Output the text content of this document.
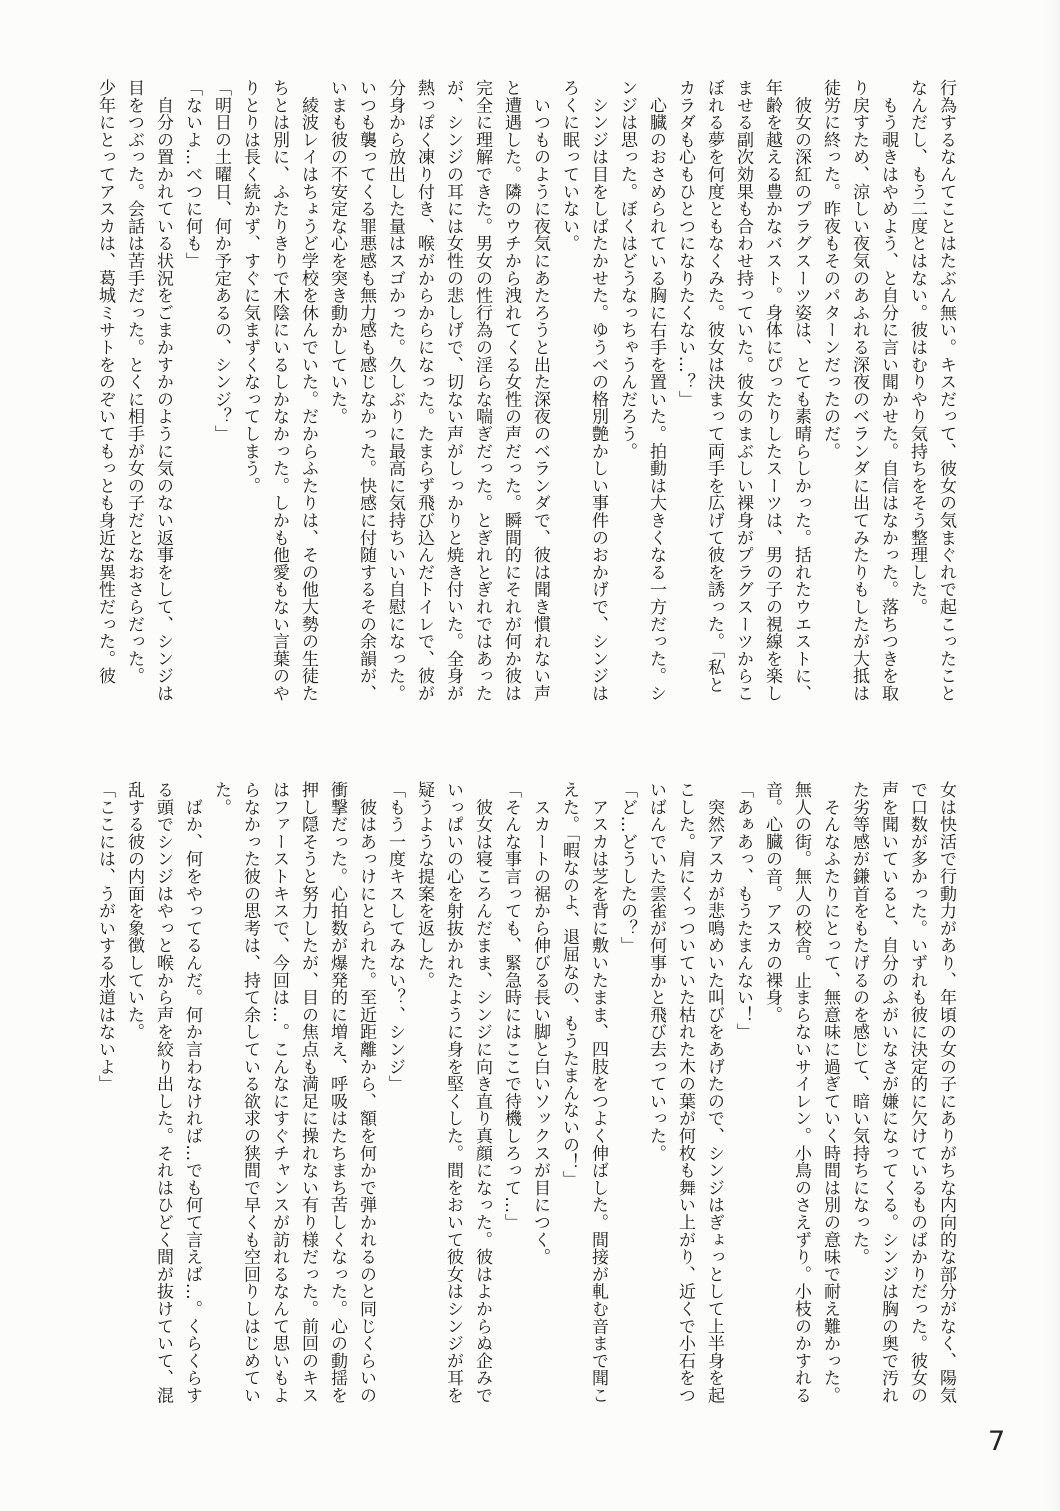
行為するなんてことはたぶん無い。キスだって、彼女の気まぐれで起こったこと
なんだし、もう二度とはない。彼はむりやり気持ちをそう整理した。
　もう覗きはやめよう、と自分に言い聞かせた。自信はなかった。落ちつきを取
り戻すため、涼しい夜気のあふれる深夜のベランダに出てみたりもしたが大抵は
徒労に終った。昨夜もそのパターンだったのだ。
　彼女の深紅のプラグスーツ姿は、とても素晴らしかった。括れたウエストに、
年齢を越える豊かなバスト。身体にぴったりしたスーツは、男の子の視線を楽し
ませる副次効果も合わせ持っていた。彼女のまぶしい裸身がプラグスーツからこ
ぼれる夢を何度ともなくみた。彼女は決まって両手を広げて彼を誘った。「私と
カラダも心もひとつになりたくない…？」
　心臓のおさめられている胸に右手を置いた。拍動は大きくなる一方だった。シ
ンジは思った。ぼくはどうなっちゃうんだろう。
　シンジは目をしばたかせた。ゆうべの格別艶かしい事件のおかげで、シンジは
ろくに眠っていない。
　いつものように夜気にあたろうと出た深夜のベランダで、彼は聞き慣れない声
と遭遇した。隣のウチから洩れてくる女性の声だった。瞬間的にそれが何か彼は
完全に理解できた。男女の性行為の淫らな喘ぎだった。とぎれとぎれではあった
が、シンジの耳には女性の悲しげで、切ない声がしっかりと焼き付いた。全身が
熱っぽく凍り付き、喉がからからになった。たまらず飛び込んだトイレで、彼が
分身から放出した量はスゴかった。久しぶりに最高に気持ちいい自慰になった。
いつも襲ってくる罪悪感も無力感も感じなかった。快感に付随するその余韻が、
いまも彼の不安定な心を突き動かしていた。
　綾波レイはちょうど学校を休んでいた。だからふたりは、その他大勢の生徒た
ちとは別に、ふたりきりで木陰にいるしかなかった。しかも他愛もない言葉のや
りとりは長く続かず、すぐに気まずくなってしまう。
「明日の土曜日、何か予定あるの、シンジ？」
「ないよ…べつに何も」
　自分の置かれている状況をごまかすかのように気のない返事をして、シンジは
目をつぶった。会話は苦手だった。とくに相手が女の子だとなおさらだった。
少年にとってアスカは、葛城ミサトをのぞいてもっとも身近な異性だった。彼
女は快活で行動力があり、年頃の女の子にありがちな内向的な部分がなく、陽気
で口数が多かった。いずれも彼に決定的に欠けているものばかりだった。彼女の
声を聞いていると、自分のふがいなさが嫌になってくる。シンジは胸の奥で汚れ
た劣等感が鎌首をもたげるのを感じて、暗い気持ちになった。
　そんなふたりにとって、無意味に過ぎていく時間は別の意味で耐え難かった。
無人の街。無人の校舎。止まらないサイレン。小鳥のさえずり。小枝のかすれる
音。心臓の音。アスカの裸身。
「あぁあっ、もうたまんない！」
　突然アスカが悲鳴めいた叫びをあげたので、シンジはぎょっとして上半身を起
こした。肩にくっついていた枯れた木の葉が何枚も舞い上がり、近くで小石をつ
いばんでいた雲雀が何事かと飛び去っていった。
「ど…どうしたの？」
　アスカは芝を背に敷いたまま、四肢をつよく伸ばした。間接が軋む音まで聞こ
えた。「暇なのよ、退屈なの、もうたまんないの！」
　スカートの裾から伸びる長い脚と白いソックスが目につく。
「そんな事言っても、緊急時にはここで待機しろって…」
　彼女は寝ころんだまま、シンジに向き直り真顔になった。彼はよからぬ企みで
いっぱいの心を射抜かれたように身を堅くした。間をおいて彼女はシンジが耳を
疑うような提案を返した。
「もう一度キスしてみない？、シンジ」
　彼はあっけにとられた。至近距離から、額を何かで弾かれるのと同じくらいの
衝撃だった。心拍数が爆発的に増え、呼吸はたちまち苦しくなった。心の動揺を
押し隠そうと努力したが、目の焦点も満足に操れない有り様だった。前回のキス
はファーストキスで、今回は…。こんなにすぐチャンスが訪れるなんて思いもよ
らなかった彼の思考は、持て余している欲求の狭間で早くも空回りしはじめてい
た。
　ばか、何をやってるんだ。何か言わなければ…でも何て言えば…。くらくらす
る頭でシンジはやっと喉から声を絞り出した。それはひどく間が抜けていて、混
乱する彼の内面を象徴していた。
「ここには、うがいする水道はないよ」
7
